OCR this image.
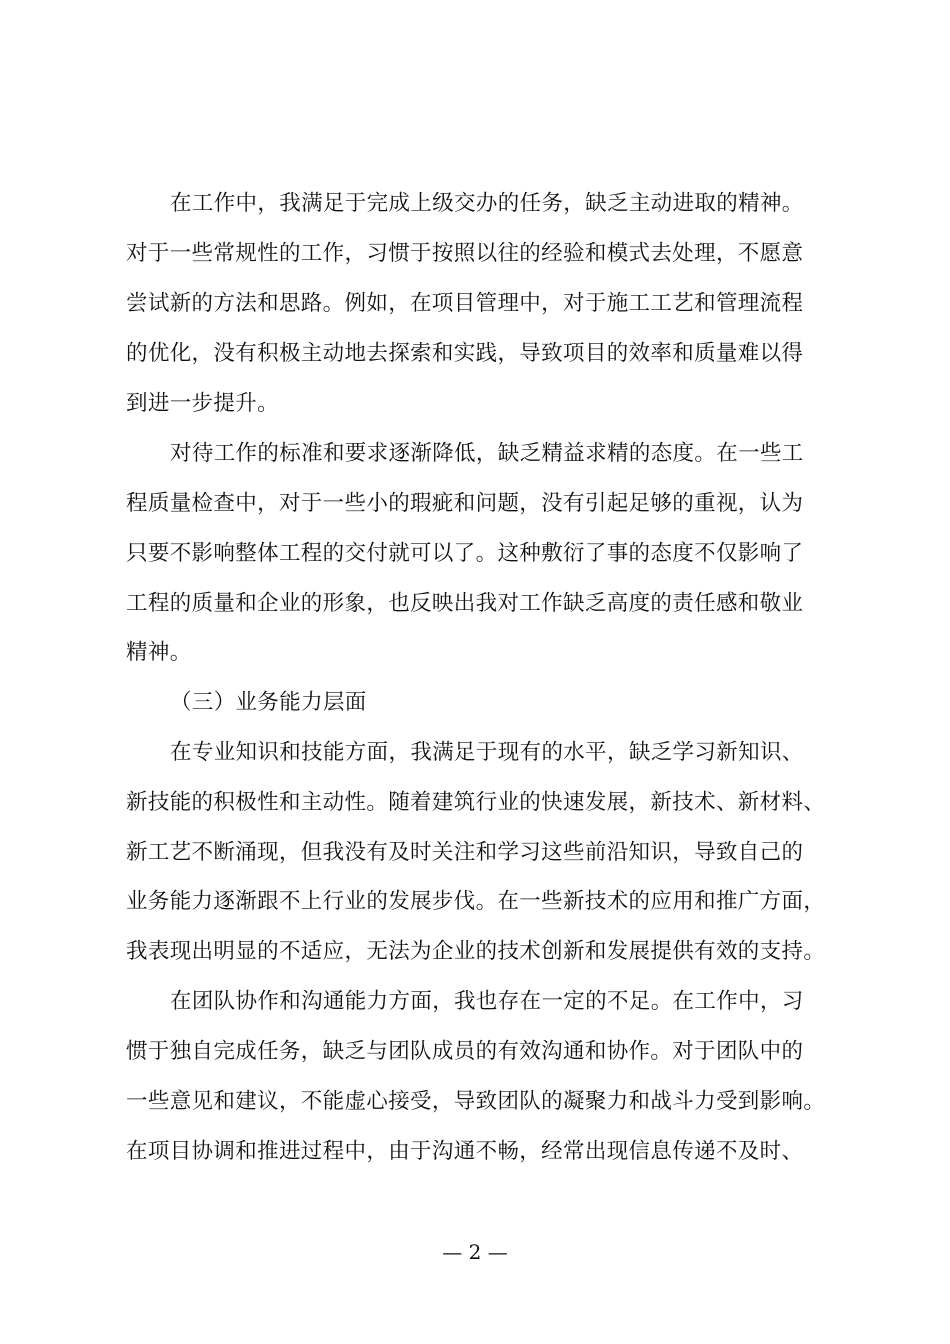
在工作中，我满足于完成上级交办的任务，缺乏主动进取的精神。
对于一些常规性的工作，习惯于按照以往的经验和模式去处理，不愿意
尝试新的方法和思路。例如，在项目管理中，对于施工工艺和管理流程
的优化，没有积极主动地去探索和实践，导致项目的效率和质量难以得
到进一步提升。
对待工作的标准和要求逐渐降低，缺乏精益求精的态度。在一些工
程质量检查中，对于一些小的瑕疵和问题，没有引起足够的重视，认为
只要不影响整体工程的交付就可以了。这种敷衍了事的态度不仅影响了
工程的质量和企业的形象，也反映出我对工作缺乏高度的责任感和敬业
精神。
（三）业务能力层面
在专业知识和技能方面，我满足于现有的水平，缺乏学习新知识、
新技能的积极性和主动性。随着建筑行业的快速发展，新技术、新材料、
新工艺不断涌现，但我没有及时关注和学习这些前沿知识，导致自己的
业务能力逐渐跟不上行业的发展步伐。在一些新技术的应用和推广方面，
我表现出明显的不适应，无法为企业的技术创新和发展提供有效的支持。
在团队协作和沟通能力方面，我也存在一定的不足。在工作中，习
惯于独自完成任务，缺乏与团队成员的有效沟通和协作。对于团队中的
一些意见和建议，不能虚心接受，导致团队的凝聚力和战斗力受到影响。
在项目协调和推进过程中，由于沟通不畅，经常出现信息传递不及时、
— 2 —
